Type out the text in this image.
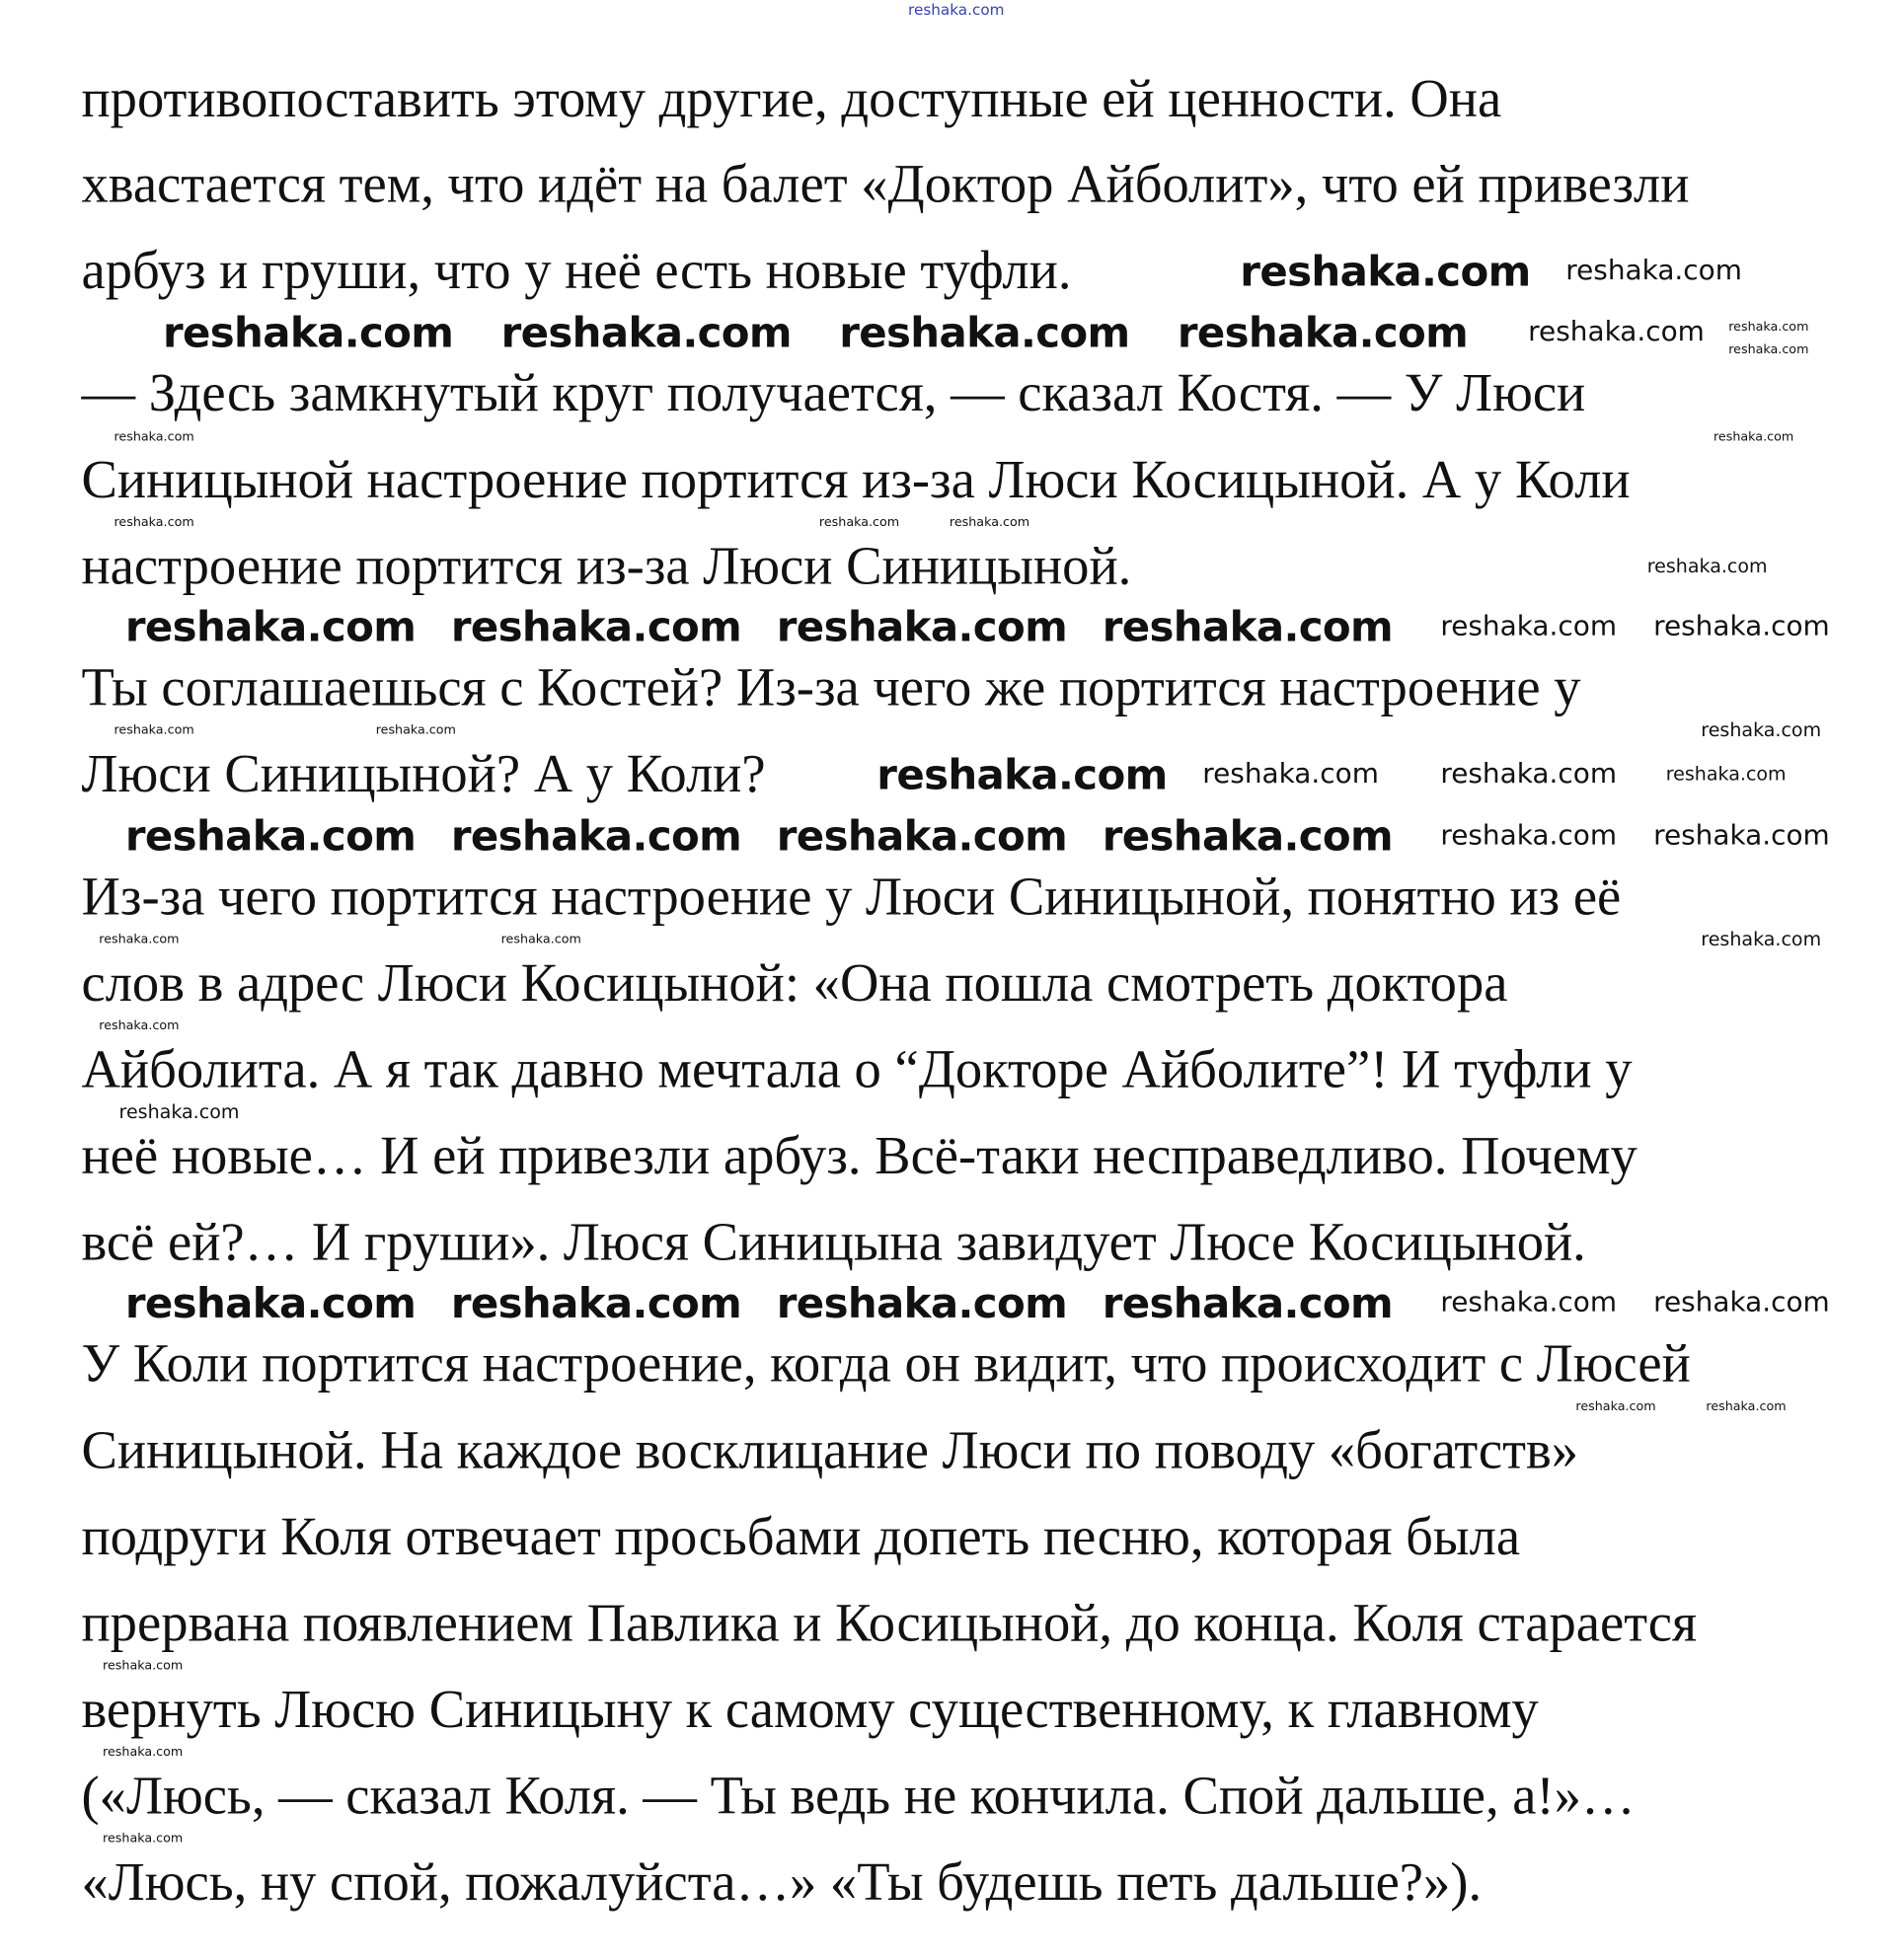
противопоставить этому другие, доступные ей ценности. Она
хвастается тем, что идёт на балет «Доктор Айболит», что ей привезли
арбуз и груши, что у неё есть новые туфли.
— Здесь замкнутый круг получается, — сказал Костя. — У Люси
Синицыной настроение портится из-за Люси Косицыной. А у Коли
настроение портится из-за Люси Синицыной.
Ты соглашаешься с Костей? Из-за чего же портится настроение у
Люси Синицыной? А у Коли?
Из-за чего портится настроение у Люси Синицыной, понятно из её
слов в адрес Люси Косицыной: «Она пошла смотреть доктора
Айболита. А я так давно мечтала о “Докторе Айболите”! И туфли у
неё новые… И ей привезли арбуз. Всё-таки несправедливо. Почему
всё ей?… И груши». Люся Синицына завидует Люсе Косицыной.
У Коли портится настроение, когда он видит, что происходит с Люсей
Синицыной. На каждое восклицание Люси по поводу «богатств»
подруги Коля отвечает просьбами допеть песню, которая была
прервана появлением Павлика и Косицыной, до конца. Коля старается
вернуть Люсю Синицыну к самому существенному, к главному
(«Люсь, — сказал Коля. — Ты ведь не кончила. Спой дальше, а!»…
«Люсь, ну спой, пожалуйста…» «Ты будешь петь дальше?»).
reshaka.com
reshaka.com reshaka.com
reshaka.com reshaka.com reshaka.com reshaka.com	reshaka.com reshaka.com
reshaka.com
reshaka.com reshaka.com reshaka.com reshaka.com reshaka.com reshaka.com
reshaka.com reshaka.com	reshaka.com	reshaka.com
reshaka.com reshaka.com reshaka.com reshaka.com reshaka.com reshaka.com
reshaka.com reshaka.com reshaka.com reshaka.com reshaka.com reshaka.com
reshaka.com
reshaka.com
reshaka.com	reshaka.com	reshaka.com
reshaka.com
reshaka.com	reshaka.com	reshaka.com
reshaka.com	reshaka.com	reshaka.com
reshaka.com
reshaka.com
reshaka.com	reshaka.com
reshaka.com
reshaka.com
reshaka.com
